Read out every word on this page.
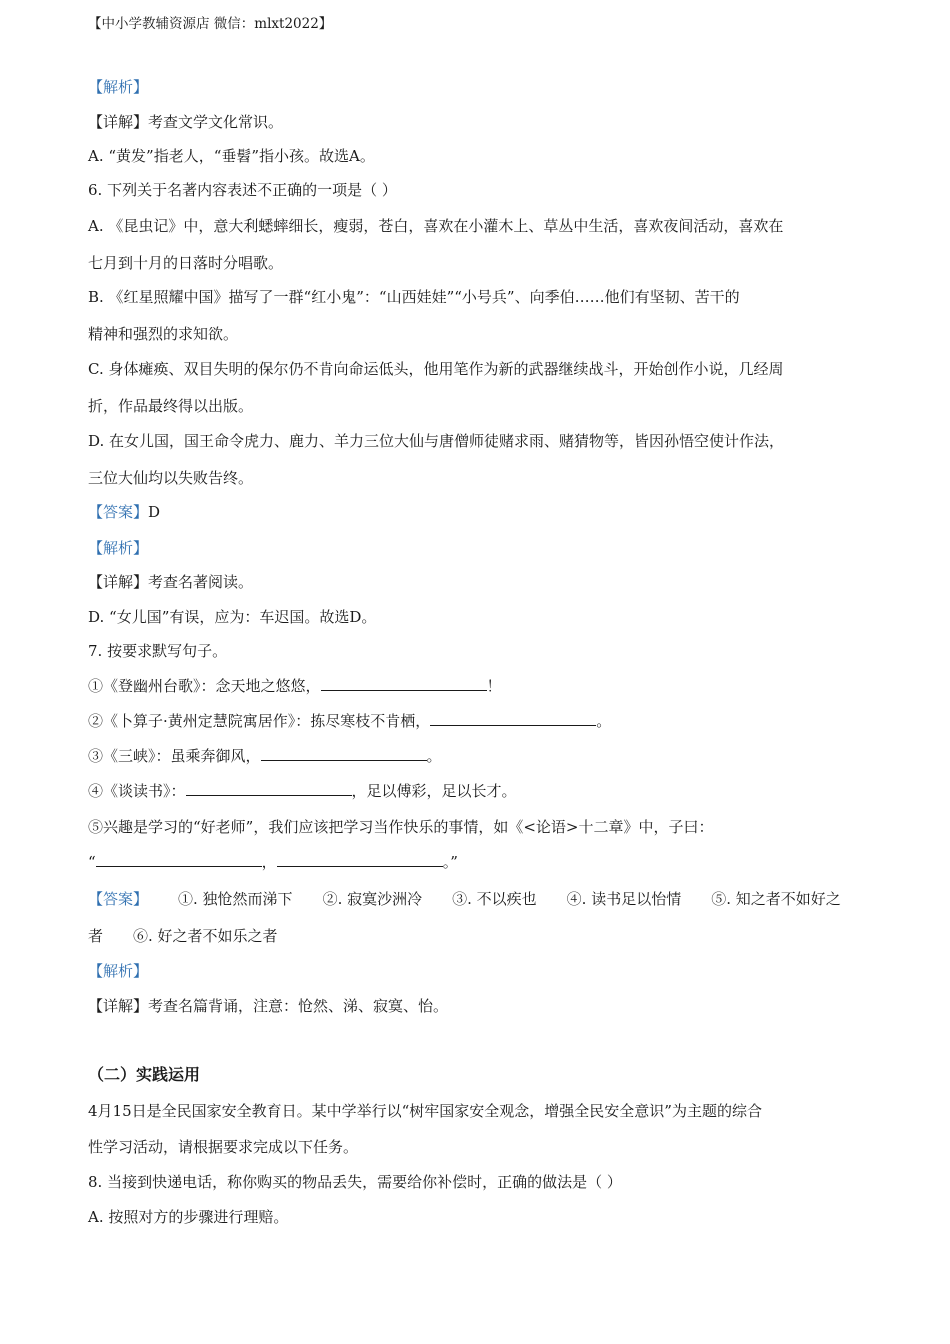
【中小学教辅资源店 微信：mlxt2022】
【解析】
【详解】考查文学文化常识。
A. “黄发”指老人，“垂髫”指小孩。故选A。
6. 下列关于名著内容表述不正确的一项是（ ）
A. 《昆虫记》中，意大利蟋蟀细长，瘦弱，苍白，喜欢在小灌木上、草丛中生活，喜欢夜间活动，喜欢在
七月到十月的日落时分唱歌。
B. 《红星照耀中国》描写了一群“红小鬼”：“山西娃娃”“小号兵”、向季伯……他们有坚韧、苦干的
精神和强烈的求知欲。
C. 身体瘫痪、双目失明的保尔仍不肯向命运低头，他用笔作为新的武器继续战斗，开始创作小说，几经周
折，作品最终得以出版。
D. 在女儿国，国王命令虎力、鹿力、羊力三位大仙与唐僧师徒赌求雨、赌猜物等，皆因孙悟空使计作法，
三位大仙均以失败告终。
【答案】D
【解析】
【详解】考查名著阅读。
D. “女儿国”有误，应为：车迟国。故选D。
7. 按要求默写句子。
①《登幽州台歌》：念天地之悠悠，	！
②《卜算子·黄州定慧院寓居作》：拣尽寒枝不肯栖，	。
③《三峡》：虽乘奔御风，	。
④《谈读书》：	，足以傅彩，足以长才。
⑤兴趣是学习的“好老师”，我们应该把学习当作快乐的事情，如《<论语>十二章》中，子曰：
“	，	。”
【答案】 ①. 独怆然而涕下 ②. 寂寞沙洲冷 ③. 不以疾也 ④. 读书足以怡情 ⑤. 知之者不如好之
者 ⑥. 好之者不如乐之者
【解析】
【详解】考查名篇背诵，注意：怆然、涕、寂寞、怡。
（二）实践运用
4月15日是全民国家安全教育日。某中学举行以“树牢国家安全观念，增强全民安全意识”为主题的综合
性学习活动，请根据要求完成以下任务。
8. 当接到快递电话，称你购买的物品丢失，需要给你补偿时，正确的做法是（ ）
A. 按照对方的步骤进行理赔。
